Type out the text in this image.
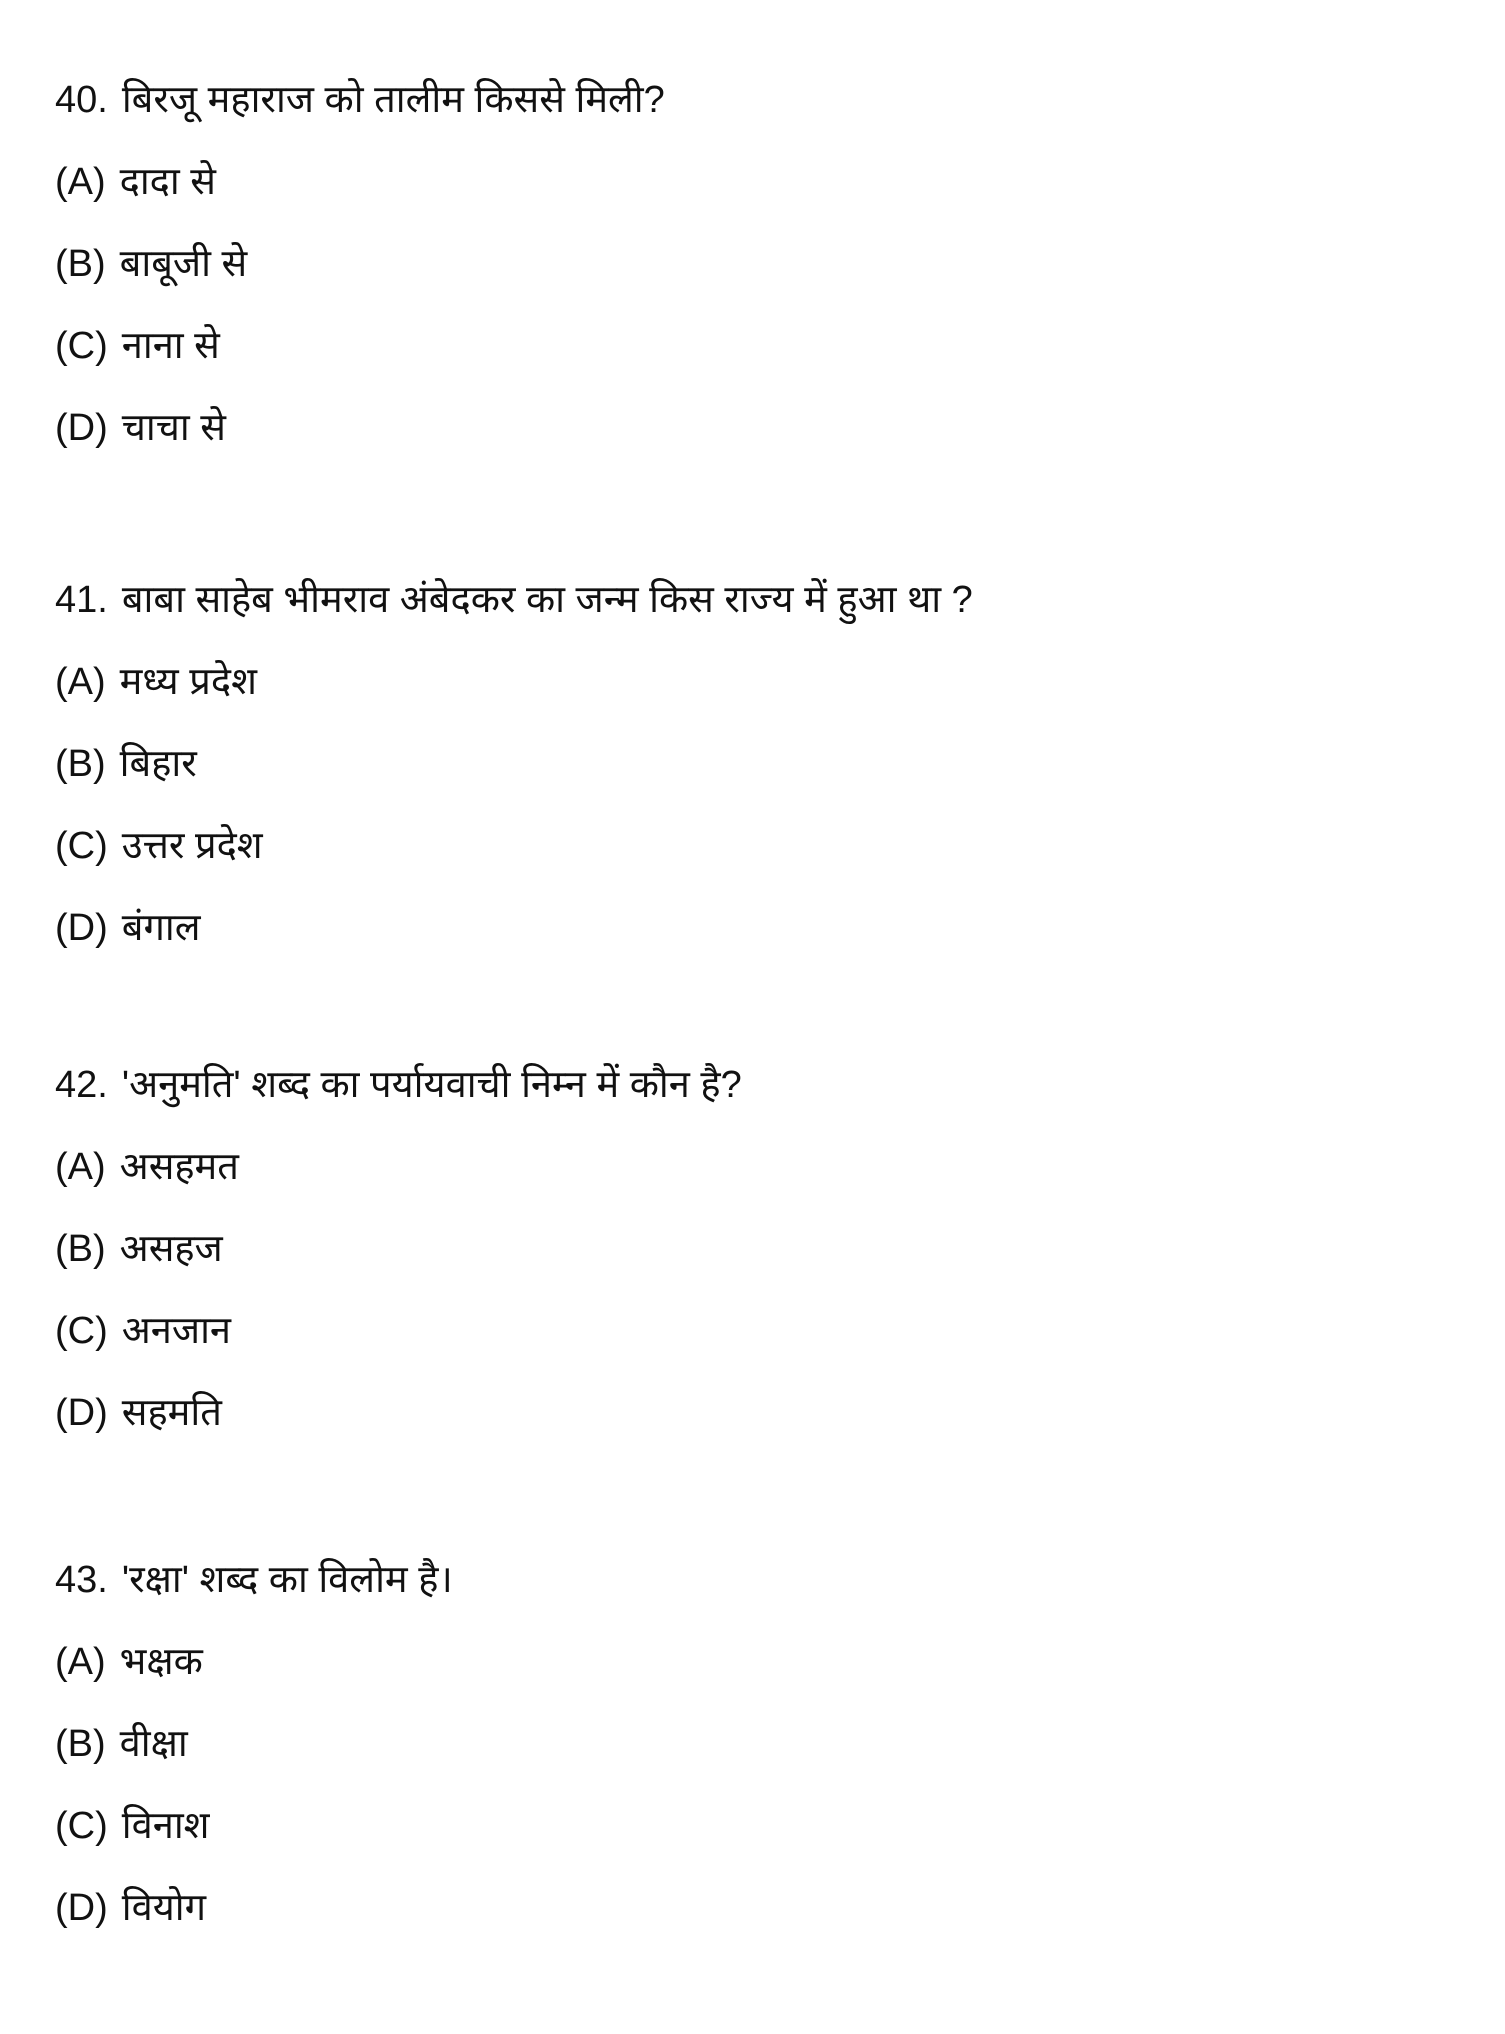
40. बिरजू महाराज को तालीम किससे मिली?
(A) दादा से
(B) बाबूजी से
(C) नाना से
(D) चाचा से
41. बाबा साहेब भीमराव अंबेदकर का जन्म किस राज्य में हुआ था ?
(A) मध्य प्रदेश
(B) बिहार
(C) उत्तर प्रदेश
(D) बंगाल
42. 'अनुमति' शब्द का पर्यायवाची निम्न में कौन है?
(A) असहमत
(B) असहज
(C) अनजान
(D) सहमति
43. 'रक्षा' शब्द का विलोम है।
(A) भक्षक
(B) वीक्षा
(C) विनाश
(D) वियोग
